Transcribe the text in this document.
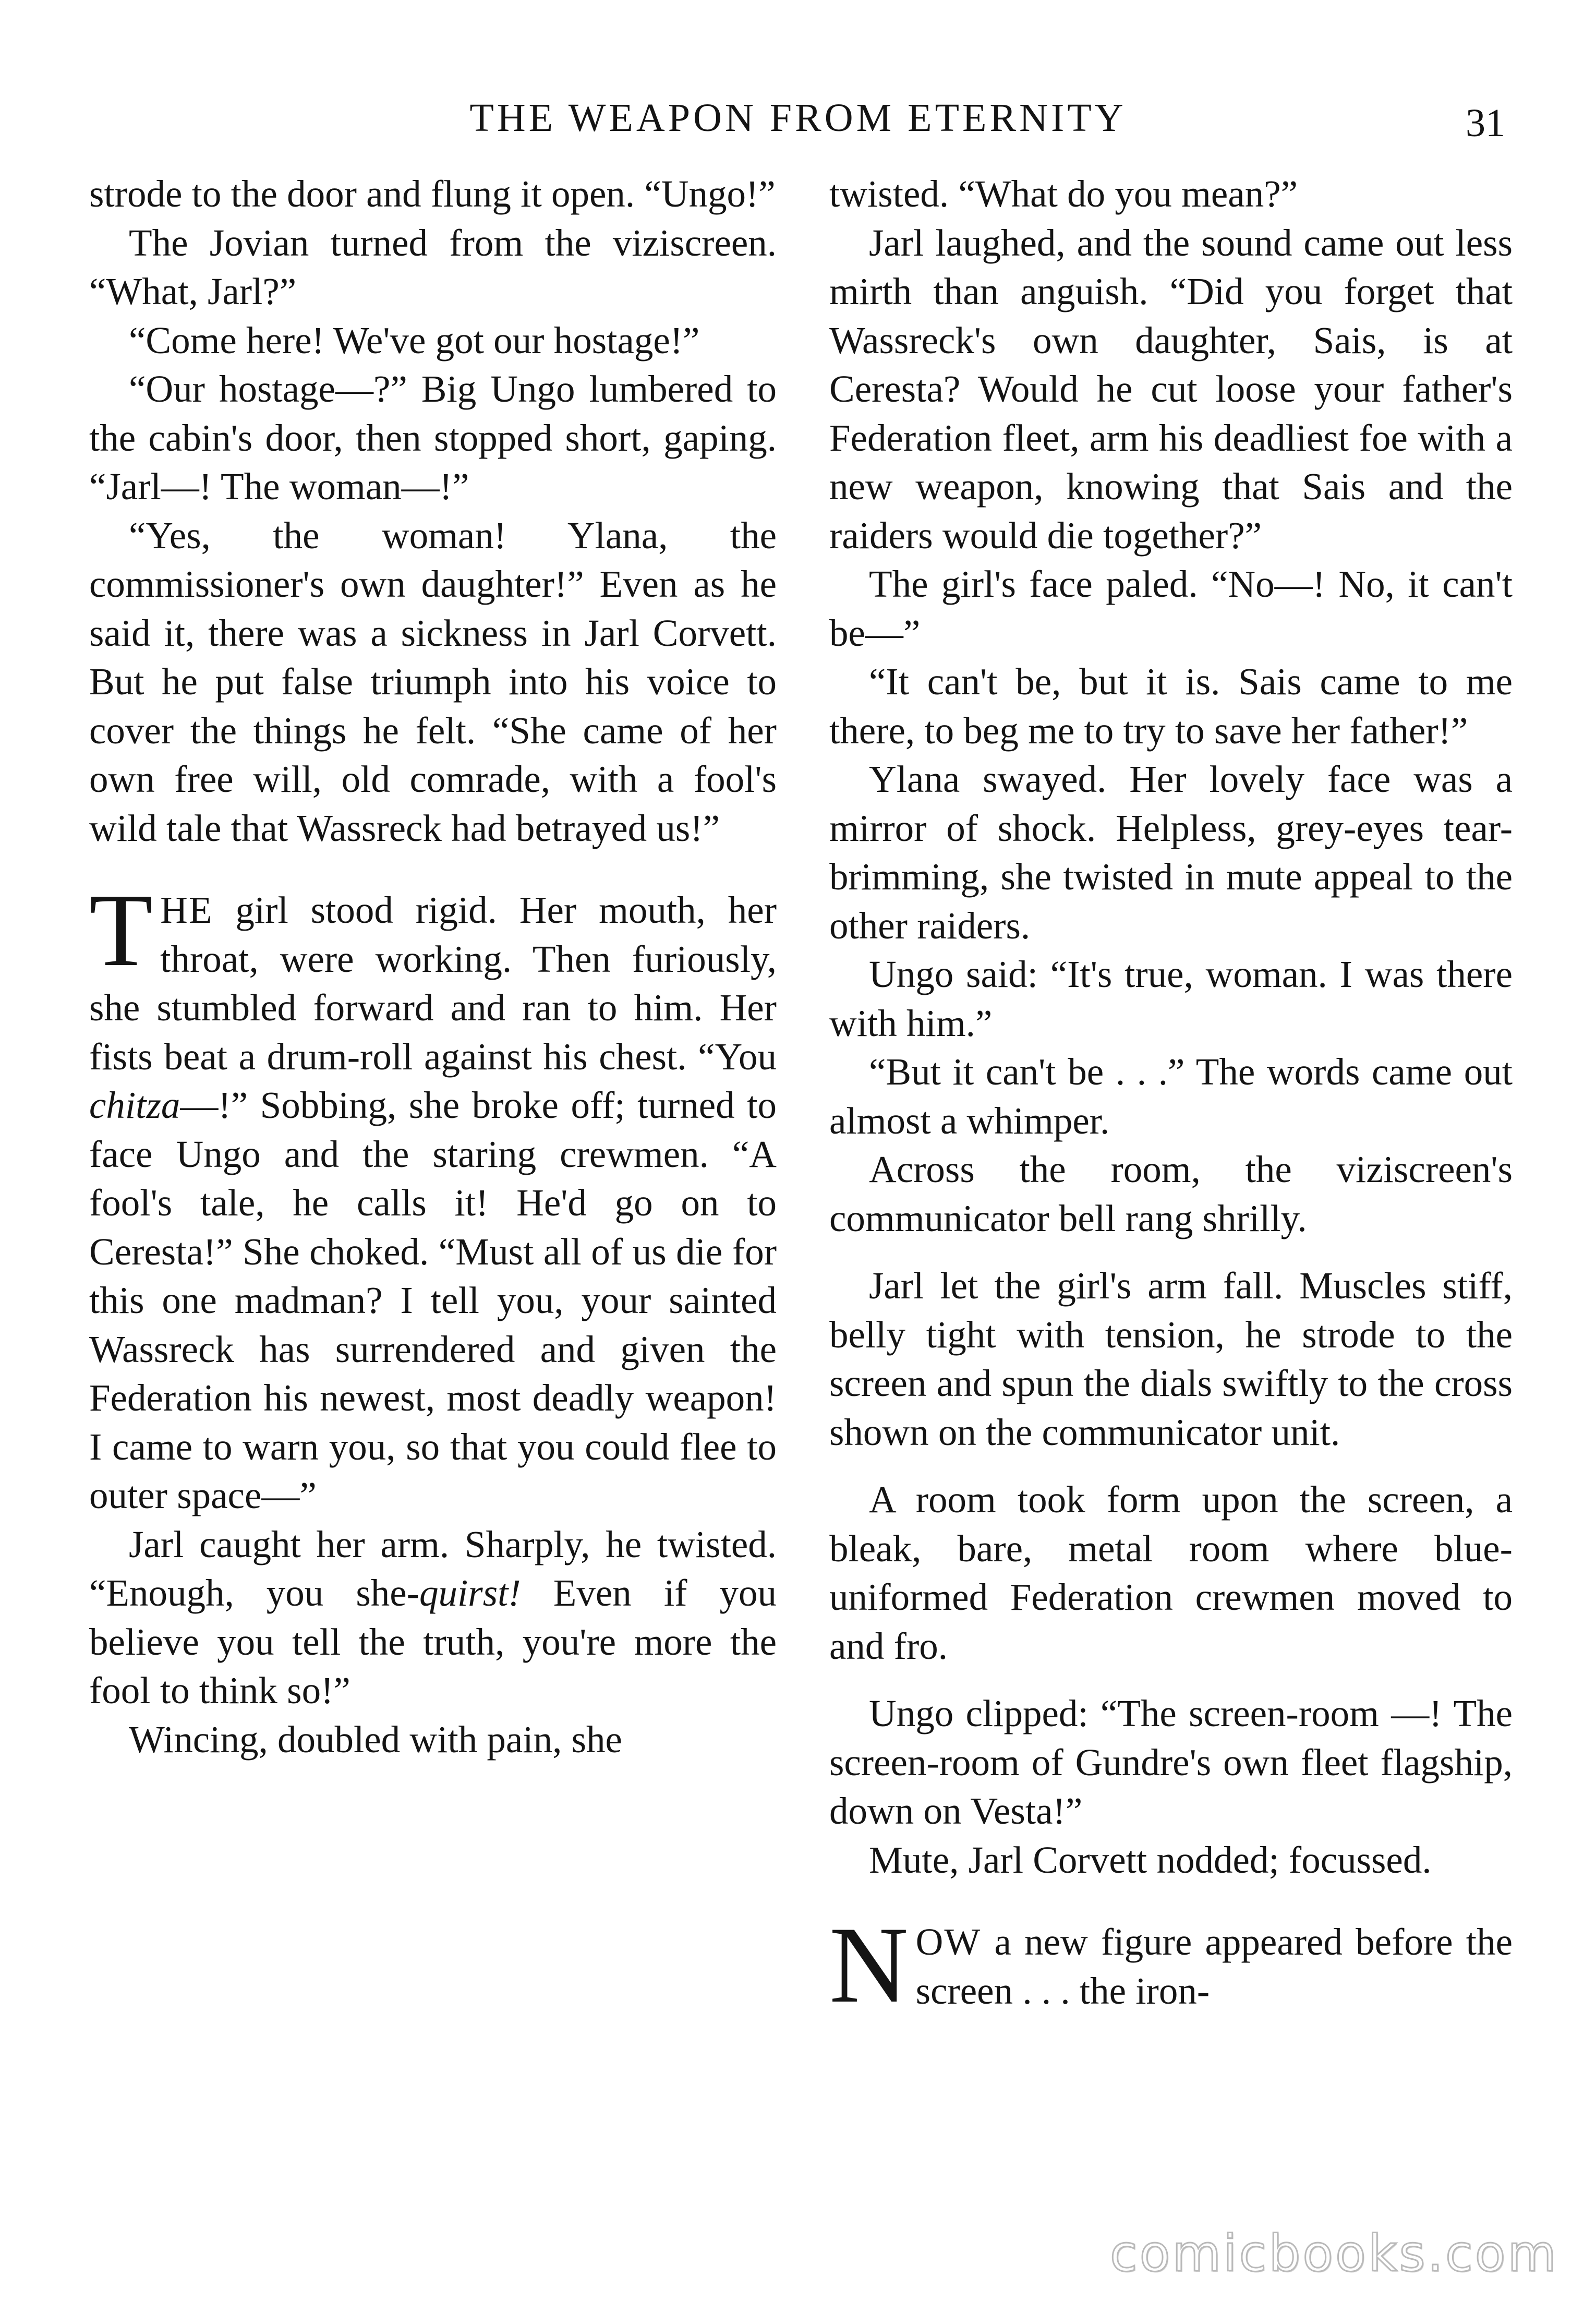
THE WEAPON FROM ETERNITY	31

strode to the door and flung it open. “Ungo!”

The Jovian turned from the viziscreen. “What, Jarl?”

“Come here! We've got our hostage!”

“Our hostage—?” Big Ungo lumbered to the cabin's door, then stopped short, gaping. “Jarl—! The woman—!”

“Yes, the woman! Ylana, the commissioner's own daughter!” Even as he said it, there was a sickness in Jarl Corvett. But he put false triumph into his voice to cover the things he felt. “She came of her own free will, old comrade, with a fool's wild tale that Wassreck had betrayed us!”

THE girl stood rigid. Her mouth, her throat, were working. Then furiously, she stumbled forward and ran to him. Her fists beat a drum-roll against his chest. “You chitza—!” Sobbing, she broke off; turned to face Ungo and the staring crewmen. “A fool's tale, he calls it! He'd go on to Ceresta!” She choked. “Must all of us die for this one madman? I tell you, your sainted Wassreck has surrendered and given the Federation his newest, most deadly weapon! I came to warn you, so that you could flee to outer space—”

Jarl caught her arm. Sharply, he twisted. “Enough, you she-quirst! Even if you believe you tell the truth, you're more the fool to think so!”

Wincing, doubled with pain, she

twisted. “What do you mean?”

Jarl laughed, and the sound came out less mirth than anguish. “Did you forget that Wassreck's own daughter, Sais, is at Ceresta? Would he cut loose your father's Federation fleet, arm his deadliest foe with a new weapon, knowing that Sais and the raiders would die together?”

The girl's face paled. “No—! No, it can't be—”

“It can't be, but it is. Sais came to me there, to beg me to try to save her father!”

Ylana swayed. Her lovely face was a mirror of shock. Helpless, grey-eyes tear-brimming, she twisted in mute appeal to the other raiders.

Ungo said: “It's true, woman. I was there with him.”

“But it can't be . . .” The words came out almost a whimper.

Across the room, the viziscreen's communicator bell rang shrilly.

Jarl let the girl's arm fall. Muscles stiff, belly tight with tension, he strode to the screen and spun the dials swiftly to the cross shown on the communicator unit.

A room took form upon the screen, a bleak, bare, metal room where blue-uniformed Federation crewmen moved to and fro.

Ungo clipped: “The screen-room —! The screen-room of Gundre's own fleet flagship, down on Vesta!”

Mute, Jarl Corvett nodded; focussed.

NOW a new figure appeared before the screen . . . the iron-

comicbooks.com
